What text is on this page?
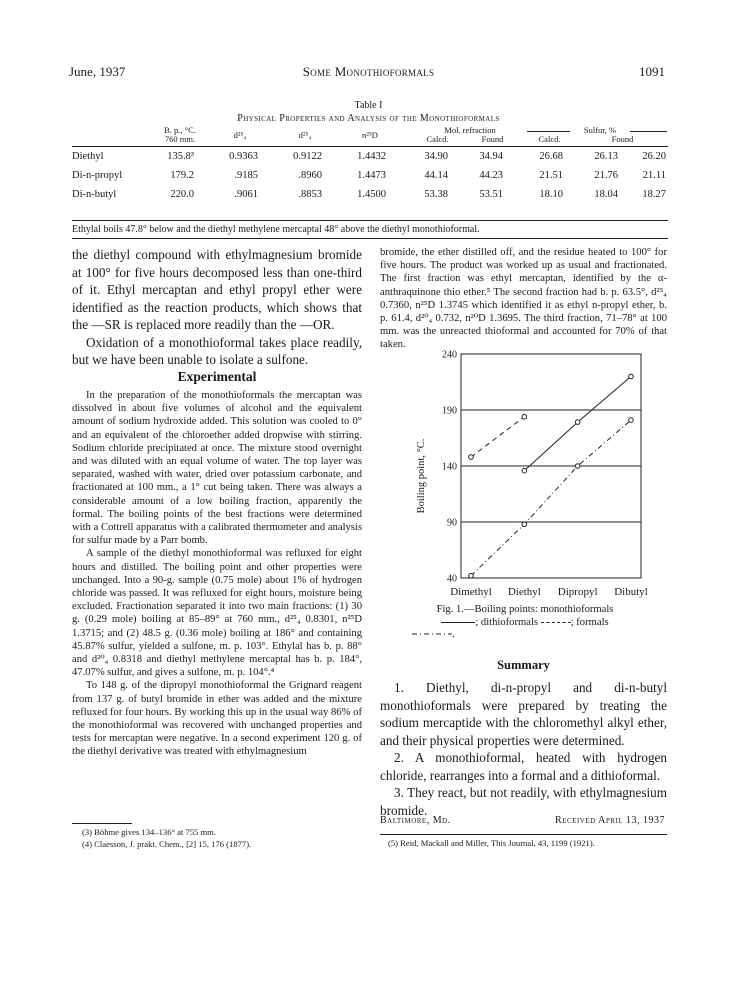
June, 1937	Some Monothioformals	1091
Table I
Physical Properties and Analysis of the Monothioformals
B. p., °C.
760 mm.	d²⁵₄	d²⁵₄	n²⁵D	Mol. refraction
Calcd.	Found
Sulfur, %
Calcd.	Found
Diethyl	135.8³	0.9363	0.9122	1.4432	34.90	34.94	26.68	26.13	26.20
Di-n-propyl	179.2	.9185	.8960	1.4473	44.14	44.23	21.51	21.76	21.11
Di-n-butyl	220.0	.9061	.8853	1.4500	53.38	53.51	18.10	18.04	18.27
Ethylal boils 47.8° below and the diethyl methylene mercaptal 48° above the diethyl monothioformal.

the diethyl compound with ethylmagnesium bromide at 100° for five hours decomposed less than one-third of it. Ethyl mercaptan and ethyl propyl ether were identified as the reaction products, which shows that the —SR is replaced more readily than the —OR.

Oxidation of a monothioformal takes place readily, but we have been unable to isolate a sulfone.

Experimental

In the preparation of the monothioformals the mercaptan was dissolved in about five volumes of alcohol and the equivalent amount of sodium hydroxide added. This solution was cooled to 0° and an equivalent of the chloroether added dropwise with stirring. Sodium chloride precipitated at once. The mixture stood overnight and was diluted with an equal volume of water. The top layer was separated, washed with water, dried over potassium carbonate, and fractionated at 100 mm., a 1° cut being taken. There was always a considerable amount of a low boiling fraction, apparently the formal. The boiling points of the best fractions were determined with a Cottrell apparatus with a calibrated thermometer and analysis for sulfur made by a Parr bomb.

A sample of the diethyl monothioformal was refluxed for eight hours and distilled. The boiling point and other properties were unchanged. Into a 90-g. sample (0.75 mole) about 1% of hydrogen chloride was passed. It was refluxed for eight hours, moisture being excluded. Fractionation separated it into two main fractions: (1) 30 g. (0.29 mole) boiling at 85–89° at 760 mm., d²⁵₄ 0.8301, n²⁵D 1.3715; and (2) 48.5 g. (0.36 mole) boiling at 186° and containing 45.87% sulfur, yielded a sulfone, m. p. 103°. Ethylal has b. p. 88° and d²⁰₄ 0.8318 and diethyl methylene mercaptal has b. p. 184°, 47.07% sulfur, and gives a sulfone, m. p. 104°.⁴

To 148 g. of the dipropyl monothioformal the Grignard reagent from 137 g. of butyl bromide in ether was added and the mixture refluxed for four hours. By working this up in the usual way 86% of the monothioformal was recovered with unchanged properties and tests for mercaptan were negative. In a second experiment 120 g. of the diethyl derivative was treated with ethylmagnesium

(3) Böhme gives 134–136° at 755 mm.
(4) Claesson, J. prakt. Chem., [2] 15, 176 (1877).
bromide, the ether distilled off, and the residue heated to 100° for five hours. The product was worked up as usual and fractionated. The first fraction was ethyl mercaptan, identified by the α-anthraquinone thio ether.⁵ The second fraction had b. p. 63.5°, d²⁵₄ 0.7360, n²⁵D 1.3745 which identified it as ethyl n-propyl ether, b. p. 61.4, d²⁰₄ 0.732, n²⁰D 1.3695. The third fraction, 71–78° at 100 mm. was the unreacted thioformal and accounted for 70% of that taken.
40
90
140
190
240
Boiling point, °C.
Fig. 1.—Boiling points: monothioformals
; dithioformals	; formals
.
Summary

1. Diethyl, di-n-propyl and di-n-butyl monothioformals were prepared by treating the sodium mercaptide with the chloromethyl alkyl ether, and their physical properties were determined.

2. A monothioformal, heated with hydrogen chloride, rearranges into a formal and a dithioformal.

3. They react, but not readily, with ethylmagnesium bromide.

Baltimore, Md.	Received April 13, 1937
(5) Reid, Mackall and Miller, This Journal, 43, 1199 (1921).
Dimethyl	Diethyl	Dipropyl	Dibutyl
